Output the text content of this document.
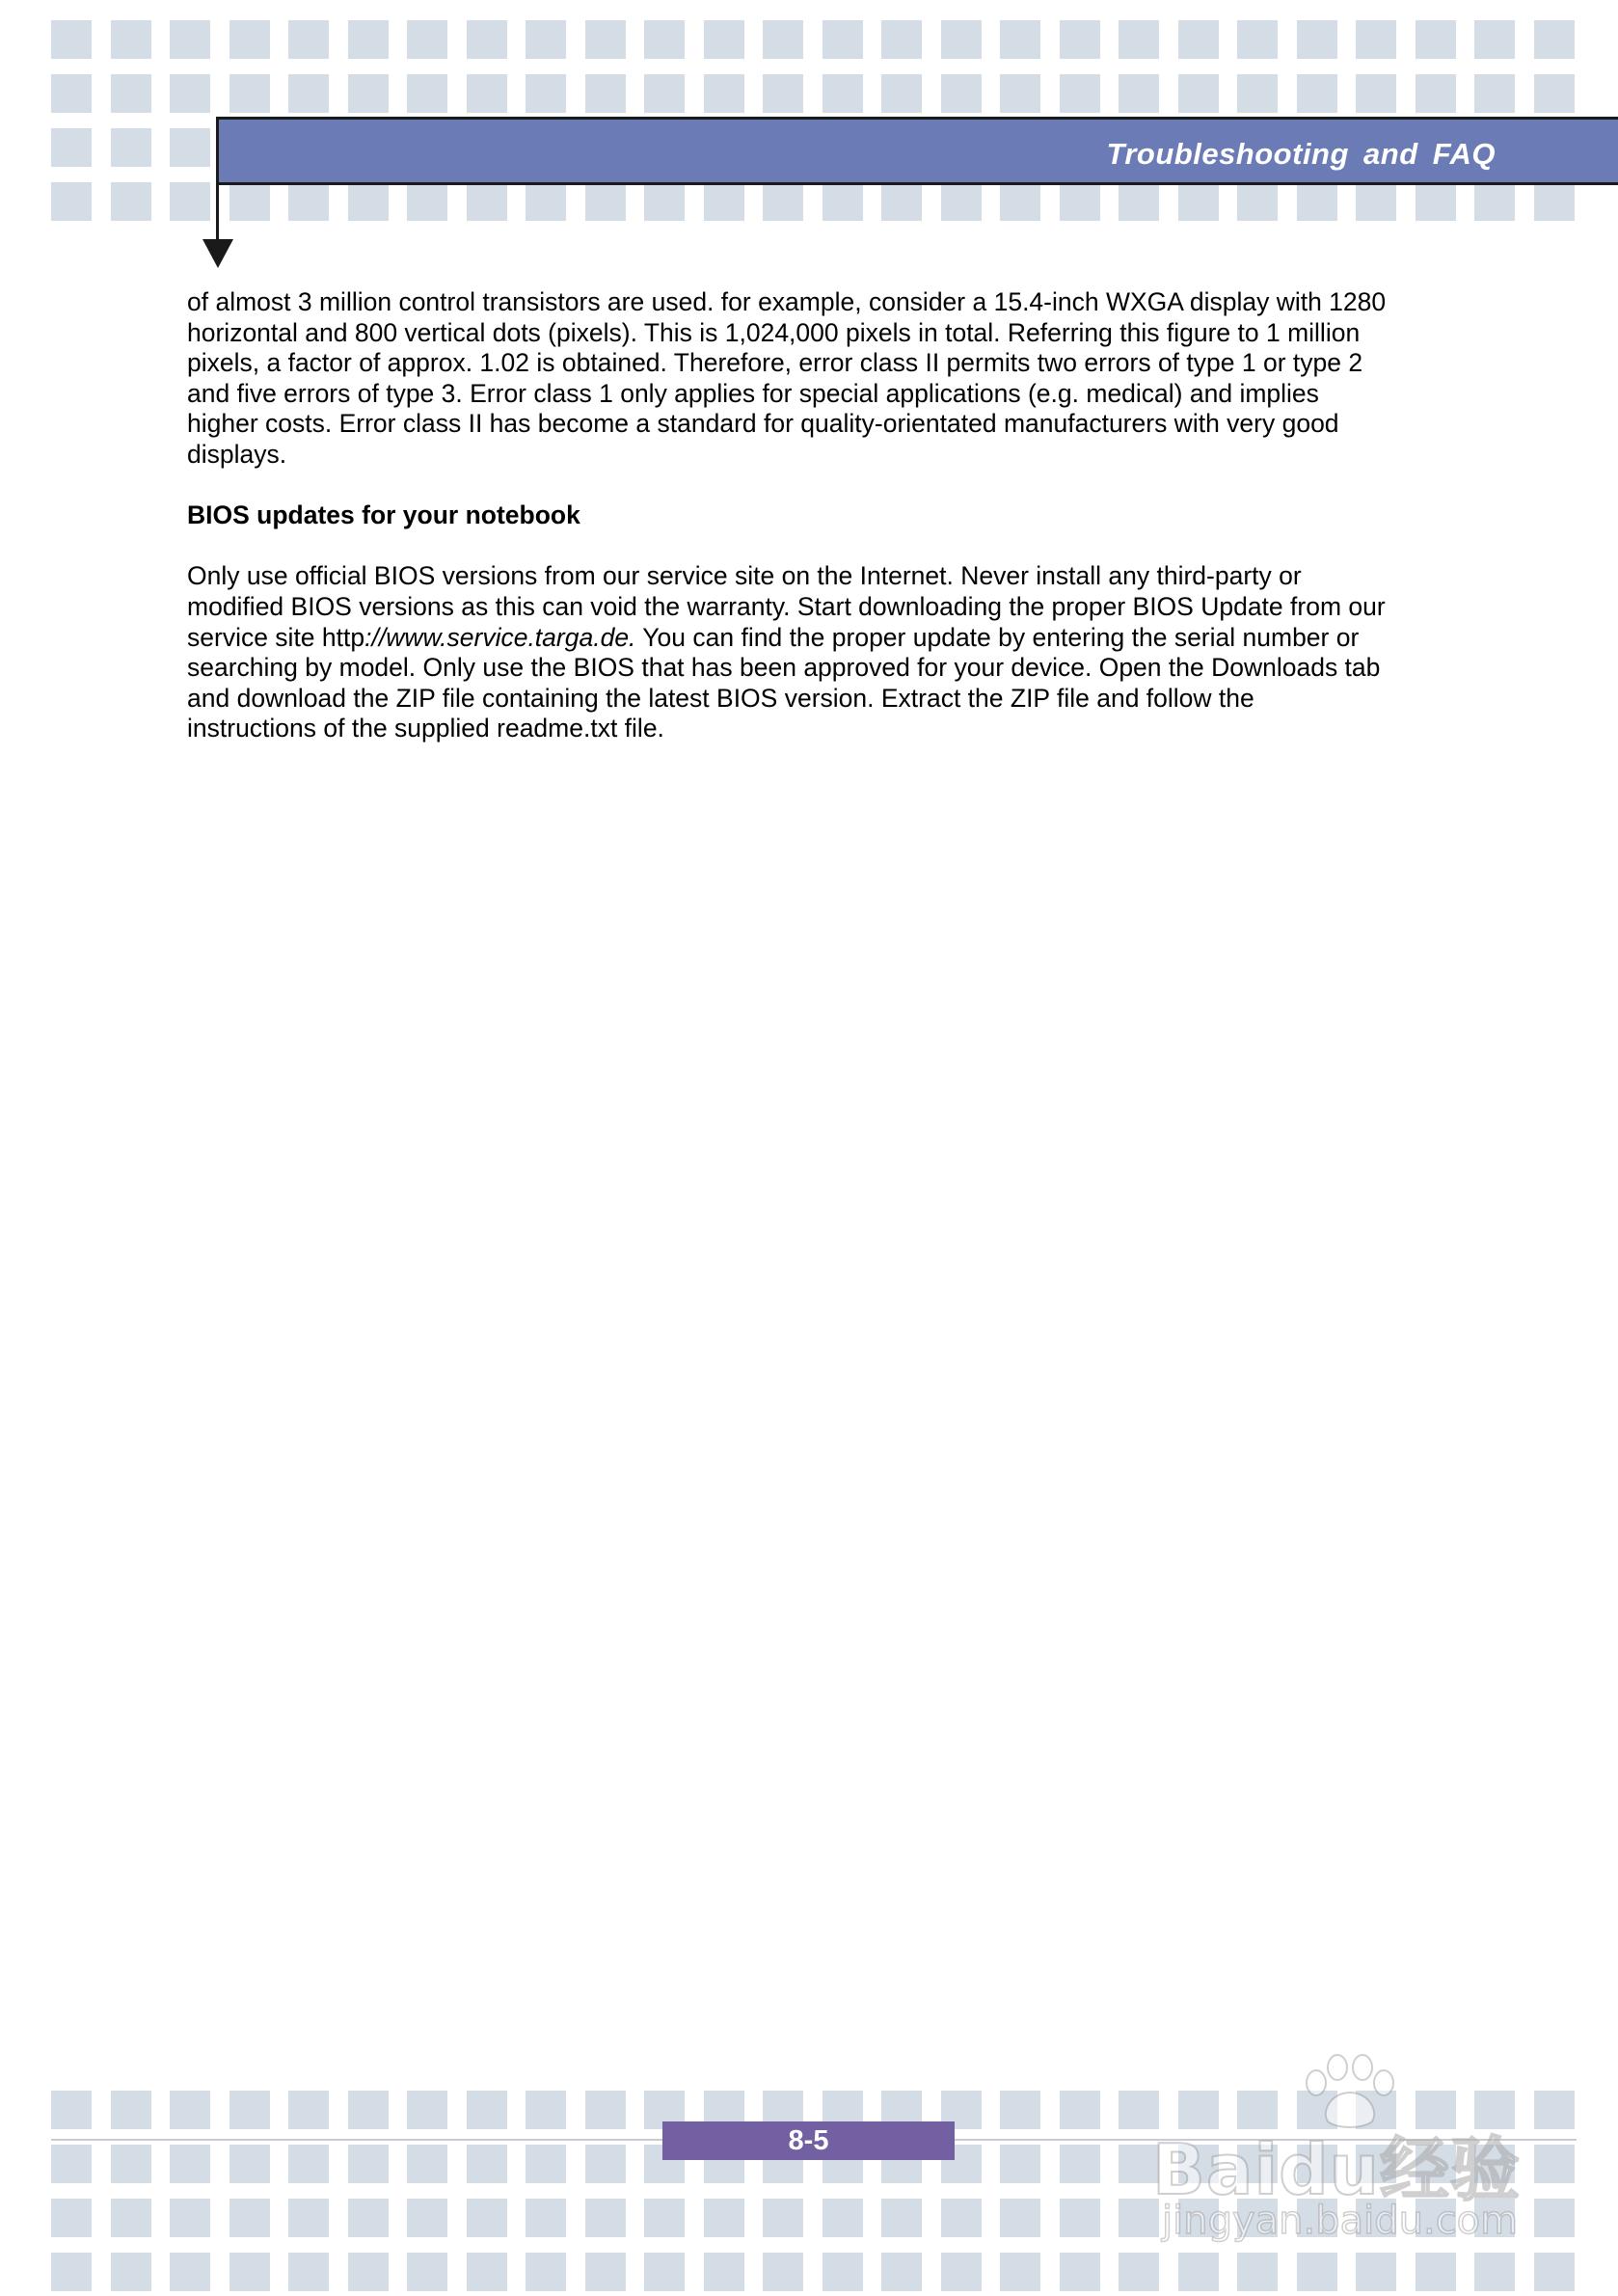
Troubleshooting and FAQ

of almost 3 million control transistors are used. for example, consider a 15.4-inch WXGA display with 1280
horizontal and 800 vertical dots (pixels). This is 1,024,000 pixels in total. Referring this figure to 1 million
pixels, a factor of approx. 1.02 is obtained. Therefore, error class II permits two errors of type 1 or type 2
and five errors of type 3. Error class 1 only applies for special applications (e.g. medical) and implies
higher costs. Error class II has become a standard for quality-orientated manufacturers with very good
displays.

BIOS updates for your notebook

Only use official BIOS versions from our service site on the Internet. Never install any third-party or
modified BIOS versions as this can void the warranty. Start downloading the proper BIOS Update from our
service site http://www.service.targa.de. You can find the proper update by entering the serial number or
searching by model. Only use the BIOS that has been approved for your device. Open the Downloads tab
and download the ZIP file containing the latest BIOS version. Extract the ZIP file and follow the
instructions of the supplied readme.txt file.

8-5	Baidu经验
jingyan.baidu.com
